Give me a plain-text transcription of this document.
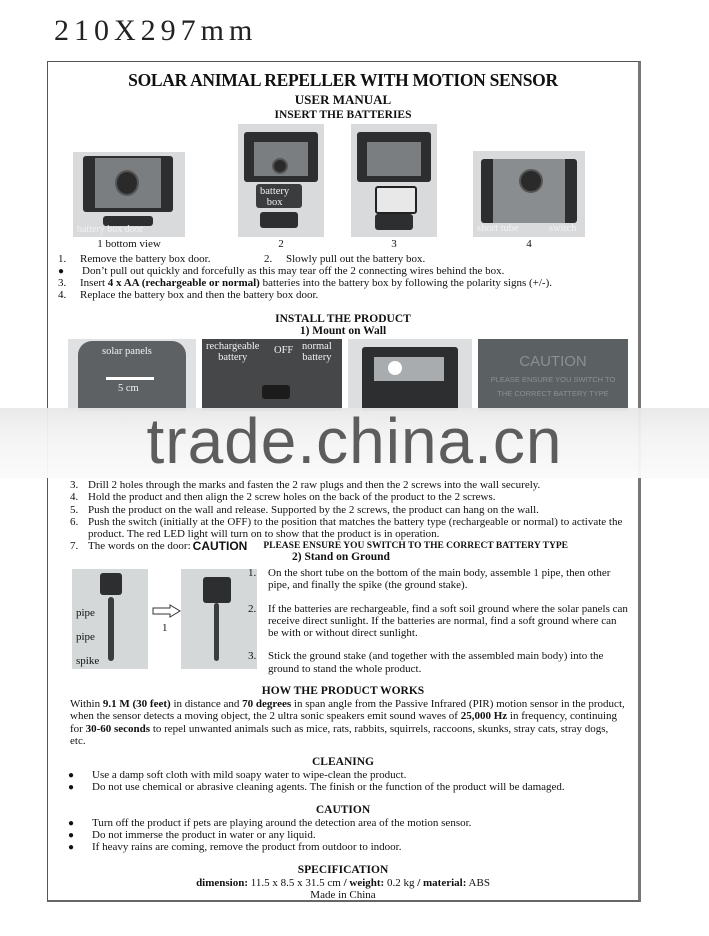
210X297mm
SOLAR ANIMAL REPELLER WITH MOTION SENSOR
USER MANUAL
INSERT THE BATTERIES
battery box door
1 bottom view
battery
box
2	3
short tube	switch
4
1. Remove the battery box door.	2. Slowly pull out the battery box.
● Don’t pull out quickly and forcefully as this may tear off the 2 connecting wires behind the box.
3. Insert 4 x AA (rechargeable or normal) batteries into the battery box by following the polarity signs (+/-).
4. Replace the battery box and then the battery box door.
INSTALL THE PRODUCT
1) Mount on Wall
solar panels
5 cm
rechargeable
battery
OFF normal
battery	CAUTION
PLEASE ENSURE YOU SWITCH TO
THE CORRECT BATTERY TYPE
3. Drill 2 holes through the marks and fasten the 2 raw plugs and then the 2 screws into the wall securely.
4. Hold the product and then align the 2 screw holes on the back of the product to the 2 screws.
5. Push the product on the wall and release. Supported by the 2 screws, the product can hang on the wall.
6. Push the switch (initially at the OFF) to the position that matches the battery type (rechargeable or normal) to activate the product. The red LED light will turn on to show that the product is in operation.
7. The words on the door: CAUTION PLEASE ENSURE YOU SWITCH TO THE CORRECT BATTERY TYPE
2) Stand on Ground
pipe
pipe
spike
1
1.	On the short tube on the bottom of the main body, assemble 1 pipe, then other pipe, and finally the spike (the ground stake).
2.	If the batteries are rechargeable, find a soft soil ground where the solar panels can receive direct sunlight. If the batteries are normal, find a soft ground where can be with or without direct sunlight.
3.	Stick the ground stake (and together with the assembled main body) into the ground to stand the whole product.
HOW THE PRODUCT WORKS
Within 9.1 M (30 feet) in distance and 70 degrees in span angle from the Passive Infrared (PIR) motion sensor in the product, when the sensor detects a moving object, the 2 ultra sonic speakers emit sound waves of 25,000 Hz in frequency, continuing for 30-60 seconds to repel unwanted animals such as mice, rats, rabbits, squirrels, raccoons, skunks, stray cats, stray dogs, etc.
CLEANING
● Use a damp soft cloth with mild soapy water to wipe-clean the product.
● Do not use chemical or abrasive cleaning agents. The finish or the function of the product will be damaged.
CAUTION
● Turn off the product if pets are playing around the detection area of the motion sensor.
● Do not immerse the product in water or any liquid.
● If heavy rains are coming, remove the product from outdoor to indoor.
SPECIFICATION
dimension: 11.5 x 8.5 x 31.5 cm / weight: 0.2 kg / material: ABS
Made in China
trade.china.cn
